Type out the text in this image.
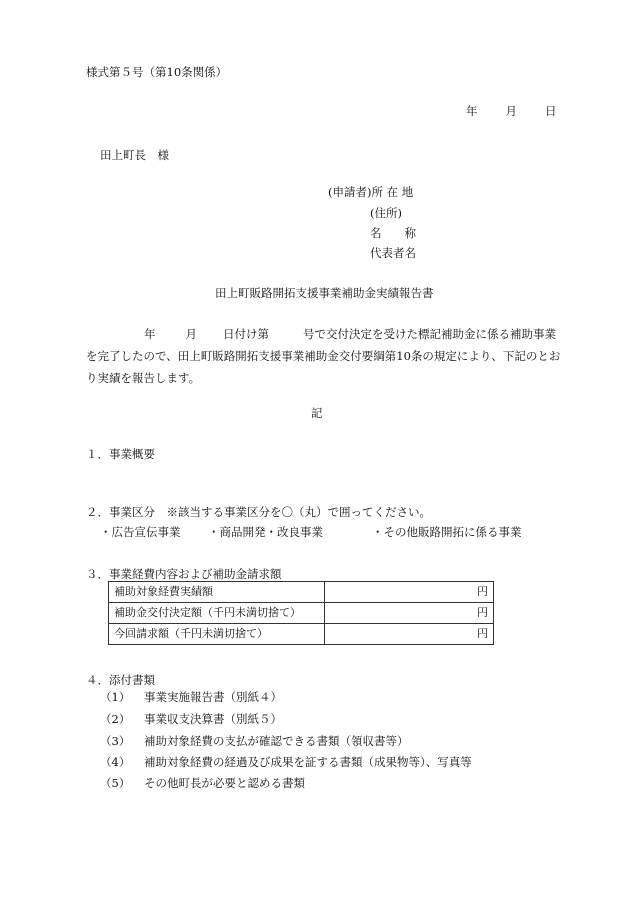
様式第５号（第10条関係）
年 月 日
田上町長　様
(申請者)所 在 地
(住所)
名　　称
代表者名
田上町販路開拓支援事業補助金実績報告書
年	月 日付け第	号で交付決定を受けた標記補助金に係る補助事業を完了したので、田上町販路開拓支援事業補助金交付要綱第10条の規定により、下記のとおり実績を報告します。
記
１．事業概要
２．事業区分　※該当する事業区分を〇（丸）で囲ってください。
・広告宣伝事業 ・商品開発・改良事業	・その他販路開拓に係る事業
３．事業経費内容および補助金請求額
補助対象経費実績額	円
補助金交付決定額（千円未満切捨て）	円
今回請求額（千円未満切捨て）	円
４．添付書類
（1） 事業実施報告書（別紙４）
（2） 事業収支決算書（別紙５）
（3） 補助対象経費の支払が確認できる書類（領収書等）
（4） 補助対象経費の経過及び成果を証する書類（成果物等）、写真等
（5） その他町長が必要と認める書類
